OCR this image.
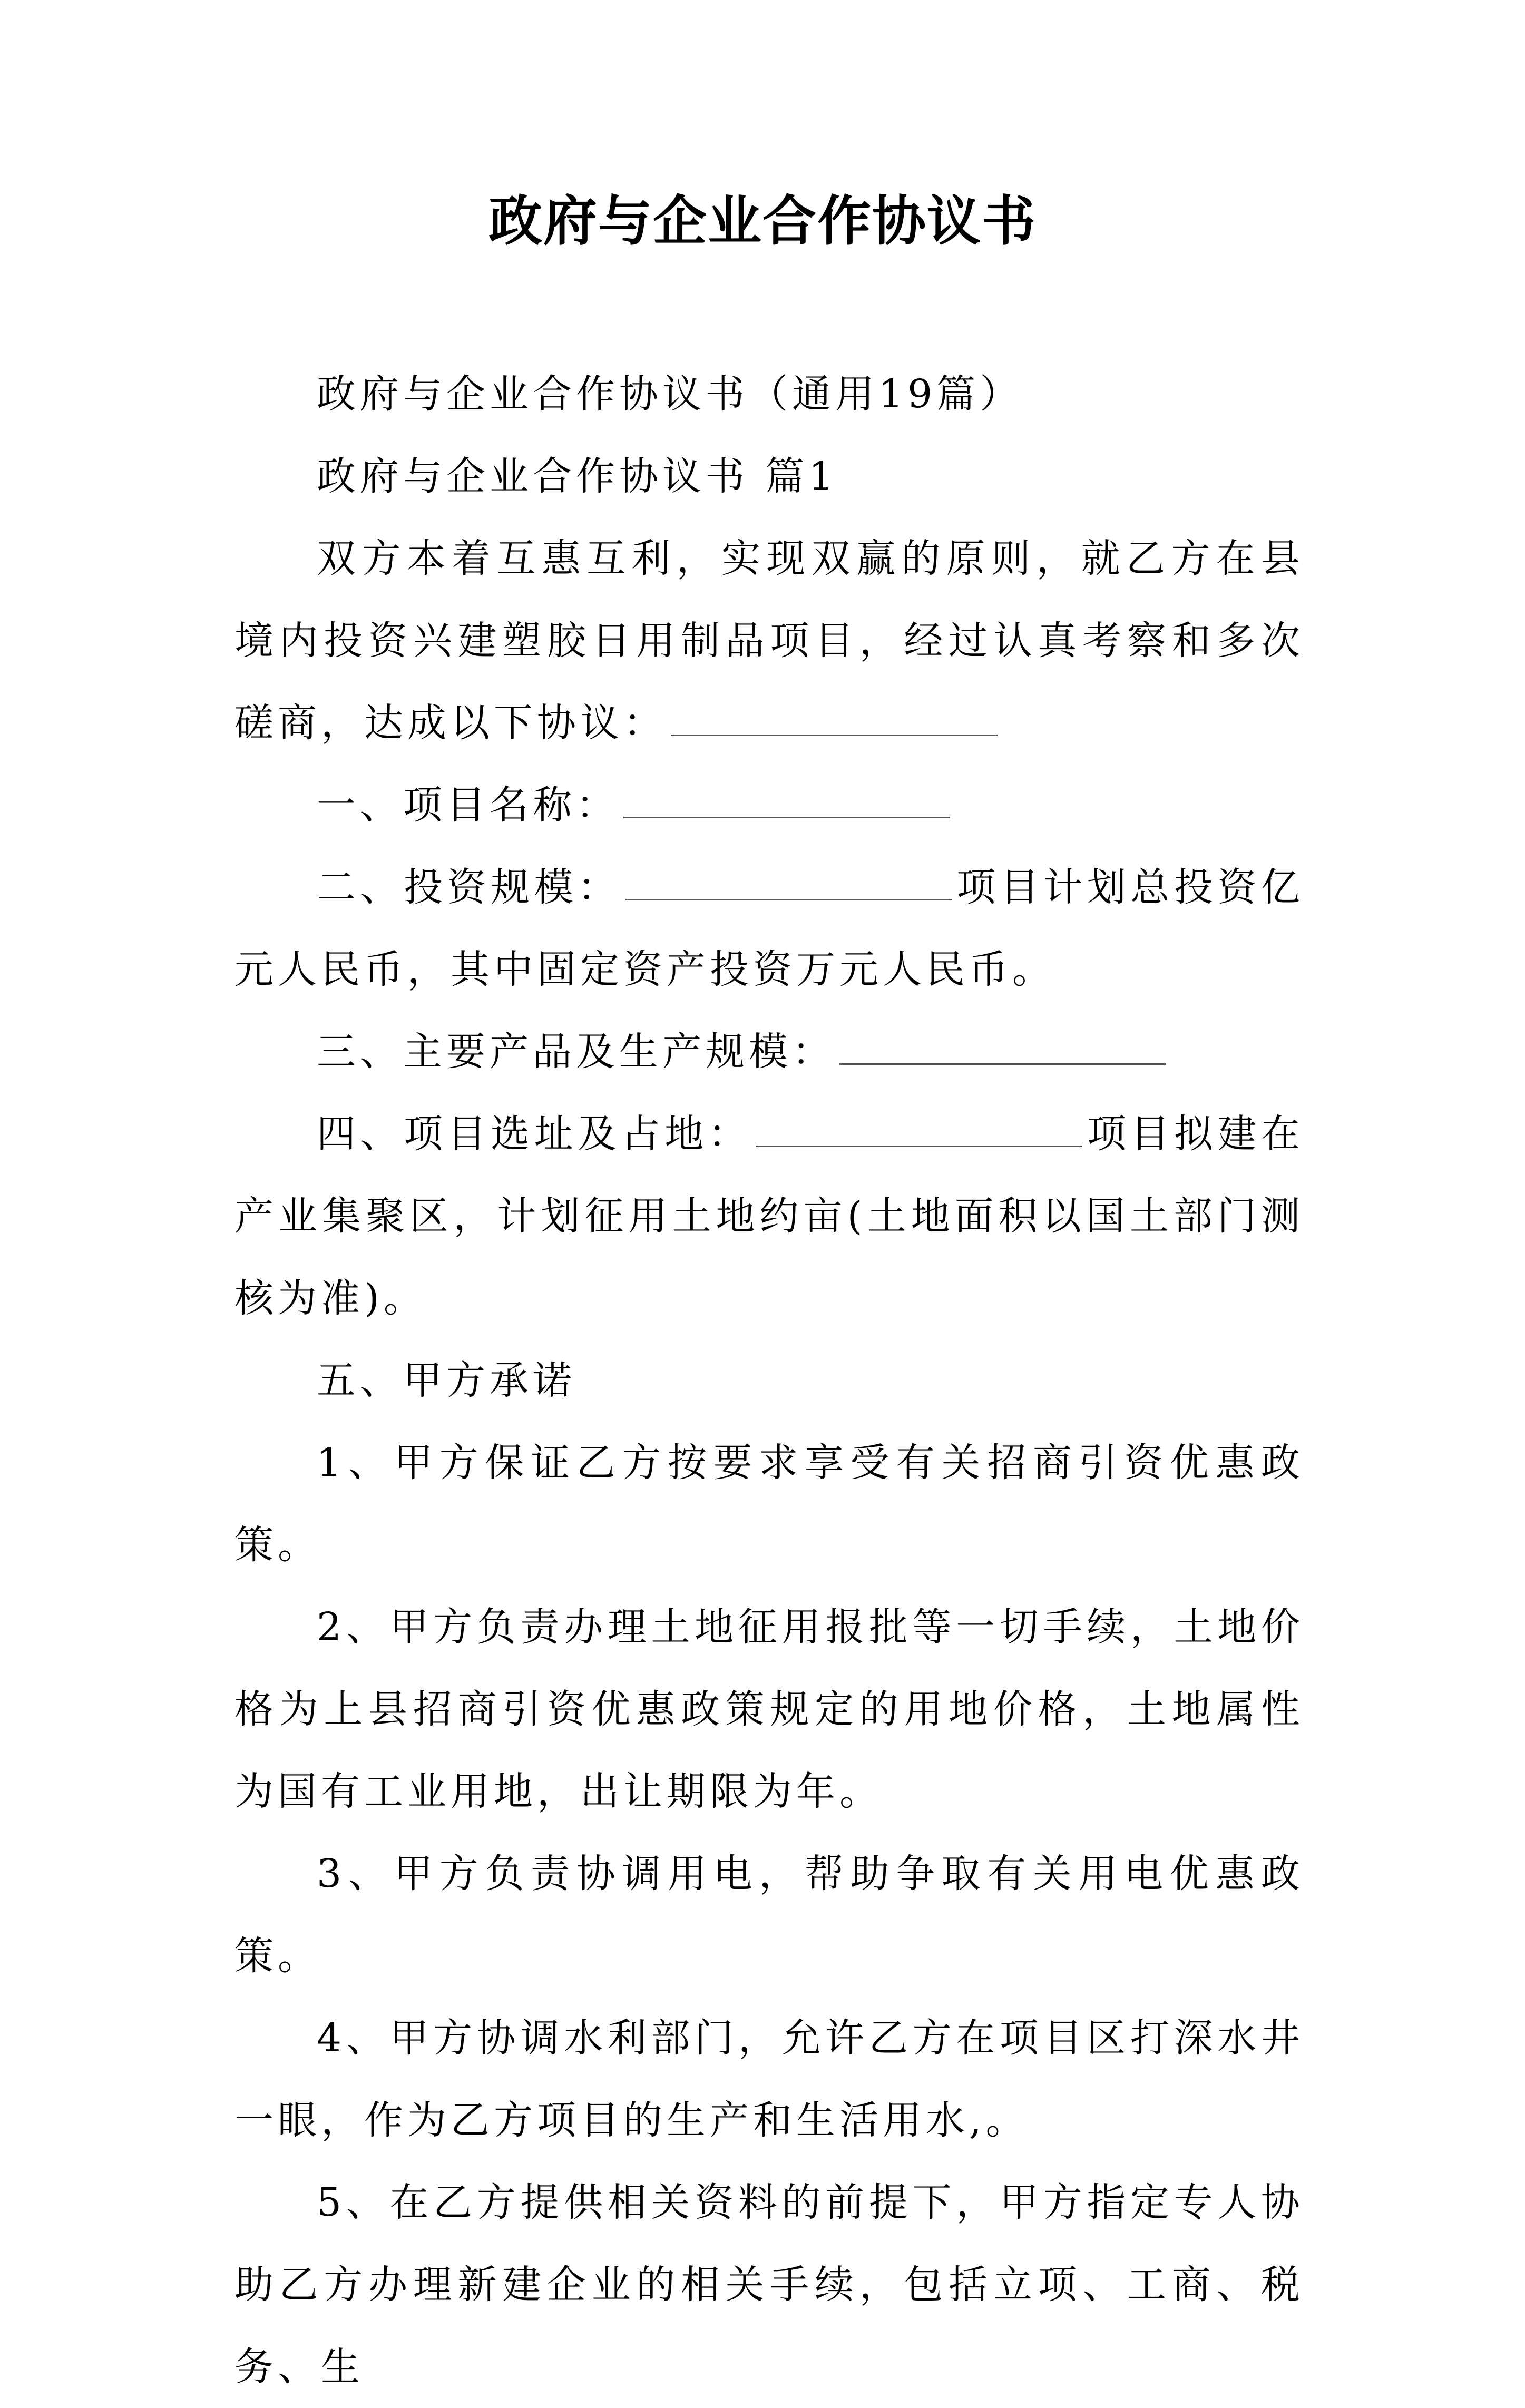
政府与企业合作协议书

政府与企业合作协议书（通用19篇）

政府与企业合作协议书 篇1

双方本着互惠互利，实现双赢的原则，就乙方在县境内投资兴建塑胶日用制品项目，经过认真考察和多次磋商，达成以下协议：

一、项目名称：

二、投资规模：	项目计划总投资亿元人民币，其中固定资产投资万元人民币。

三、主要产品及生产规模：

四、项目选址及占地：	项目拟建在产业集聚区，计划征用土地约亩(土地面积以国土部门测核为准)。

五、甲方承诺

1、甲方保证乙方按要求享受有关招商引资优惠政策。

2、甲方负责办理土地征用报批等一切手续，土地价格为上县招商引资优惠政策规定的用地价格，土地属性为国有工业用地，出让期限为年。

3、甲方负责协调用电，帮助争取有关用电优惠政策。

4、甲方协调水利部门，允许乙方在项目区打深水井一眼，作为乙方项目的生产和生活用水,。

5、在乙方提供相关资料的前提下，甲方指定专人协助乙方办理新建企业的相关手续，包括立项、工商、税务、生
